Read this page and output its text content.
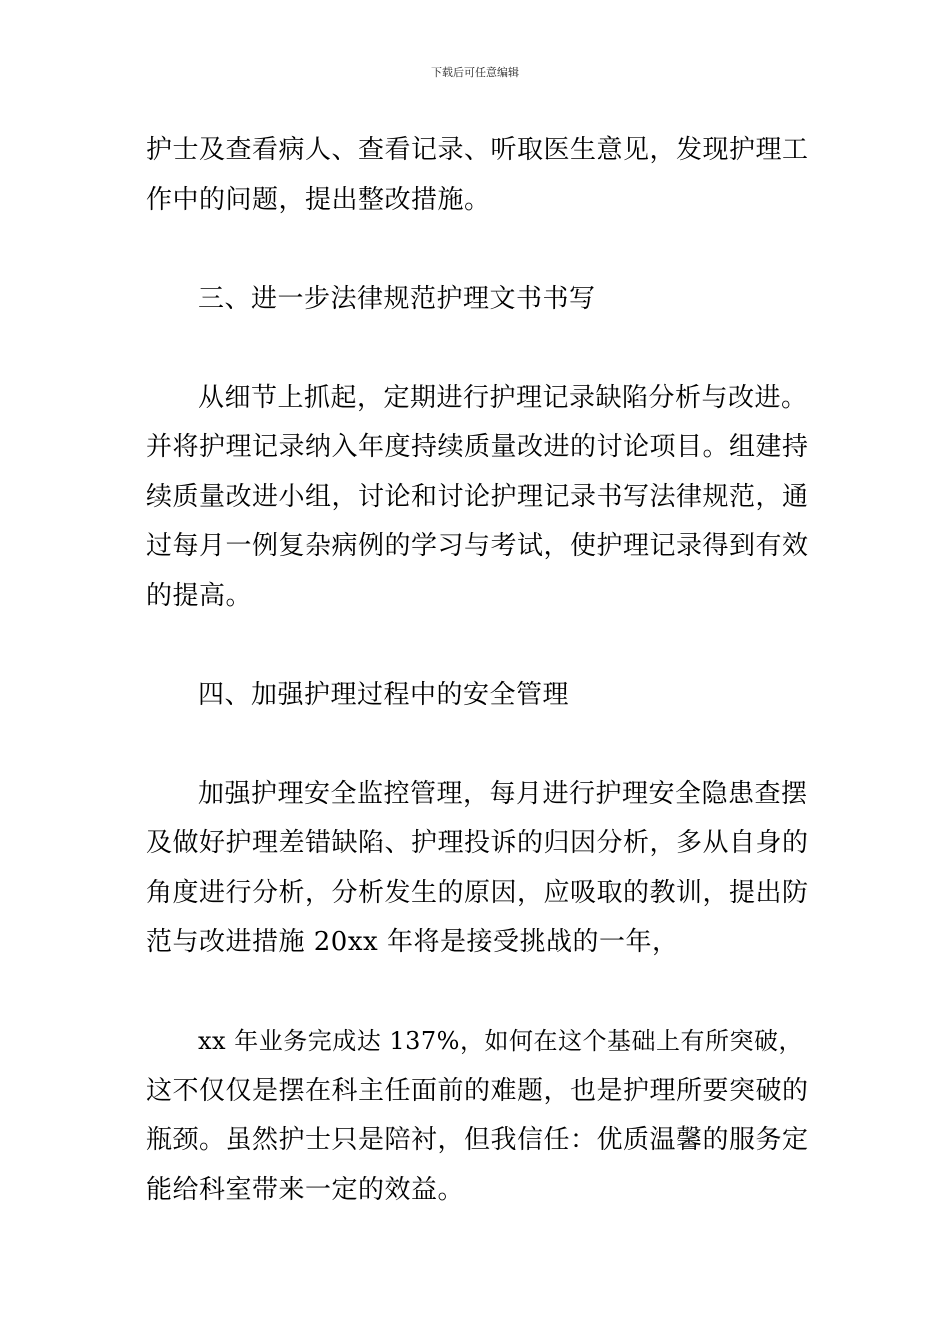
下载后可任意编辑
护士及查看病人、查看记录、听取医生意见，发现护理工
作中的问题，提出整改措施。
三、进一步法律规范护理文书书写
从细节上抓起，定期进行护理记录缺陷分析与改进。
并将护理记录纳入年度持续质量改进的讨论项目。组建持
续质量改进小组，讨论和讨论护理记录书写法律规范，通
过每月一例复杂病例的学习与考试，使护理记录得到有效
的提高。
四、加强护理过程中的安全管理
加强护理安全监控管理，每月进行护理安全隐患查摆
及做好护理差错缺陷、护理投诉的归因分析，多从自身的
角度进行分析，分析发生的原因，应吸取的教训，提出防
范与改进措施 20xx 年将是接受挑战的一年，
xx 年业务完成达 137%，如何在这个基础上有所突破，
这不仅仅是摆在科主任面前的难题，也是护理所要突破的
瓶颈。虽然护士只是陪衬，但我信任：优质温馨的服务定
能给科室带来一定的效益。
